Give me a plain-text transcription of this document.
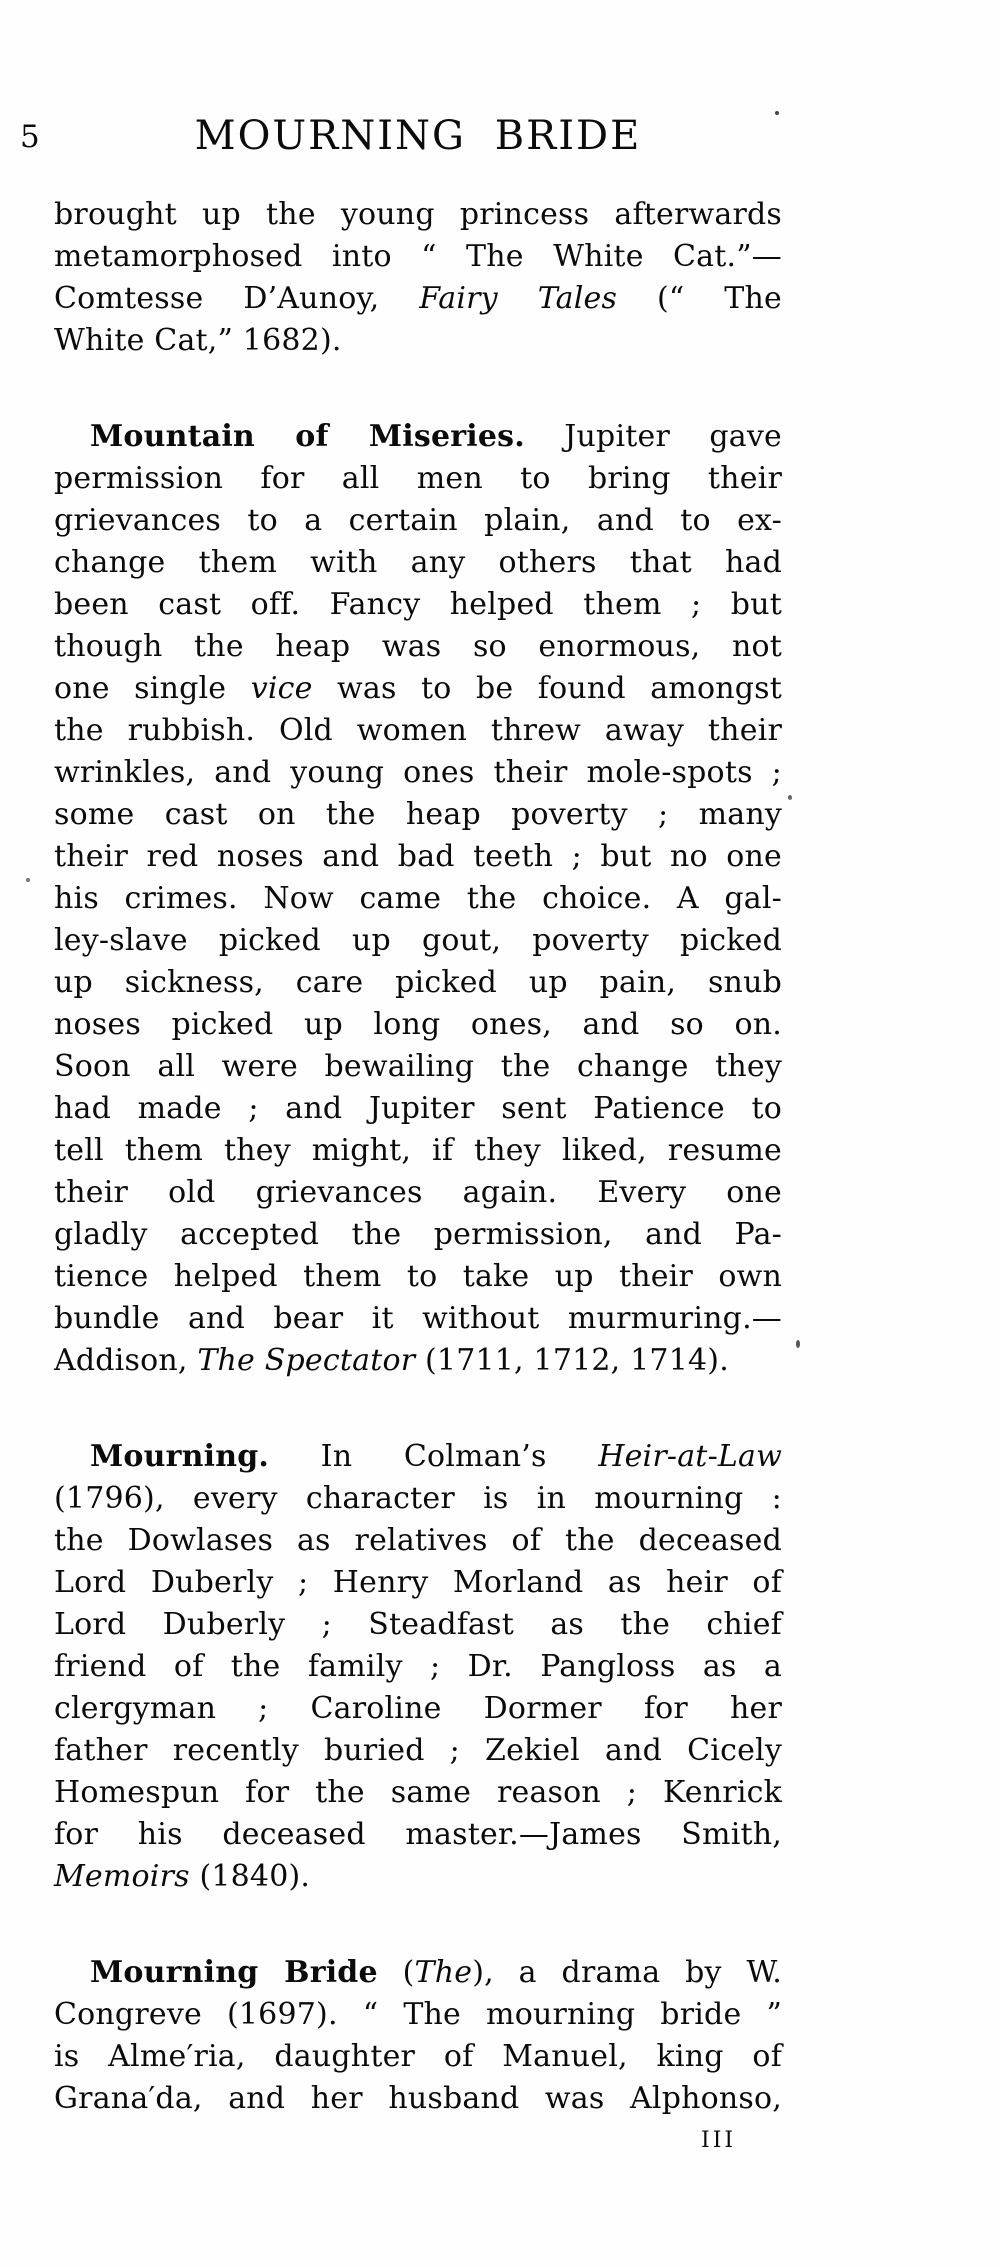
5	MOURNING BRIDE
brought up the young princess afterwards
metamorphosed into “ The White Cat.”—
Comtesse D’Aunoy, Fairy Tales (“ The
White Cat,” 1682).
Mountain of Miseries. Jupiter gave
permission for all men to bring their
grievances to a certain plain, and to ex-
change them with any others that had
been cast off. Fancy helped them ; but
though the heap was so enormous, not
one single vice was to be found amongst
the rubbish. Old women threw away their
wrinkles, and young ones their mole-spots ;
some cast on the heap poverty ; many
their red noses and bad teeth ; but no one
his crimes. Now came the choice. A gal-
ley-slave picked up gout, poverty picked
up sickness, care picked up pain, snub
noses picked up long ones, and so on.
Soon all were bewailing the change they
had made ; and Jupiter sent Patience to
tell them they might, if they liked, resume
their old grievances again. Every one
gladly accepted the permission, and Pa-
tience helped them to take up their own
bundle and bear it without murmuring.—
Addison, The Spectator (1711, 1712, 1714).
Mourning. In Colman’s Heir-at-Law
(1796), every character is in mourning :
the Dowlases as relatives of the deceased
Lord Duberly ; Henry Morland as heir of
Lord Duberly ; Steadfast as the chief
friend of the family ; Dr. Pangloss as a
clergyman ; Caroline Dormer for her
father recently buried ; Zekiel and Cicely
Homespun for the same reason ; Kenrick
for his deceased master.—James Smith,
Memoirs (1840).
Mourning Bride (The), a drama by W.
Congreve (1697). “ The mourning bride ”
is Alme′ria, daughter of Manuel, king of
Grana′da, and her husband was Alphonso,
III
